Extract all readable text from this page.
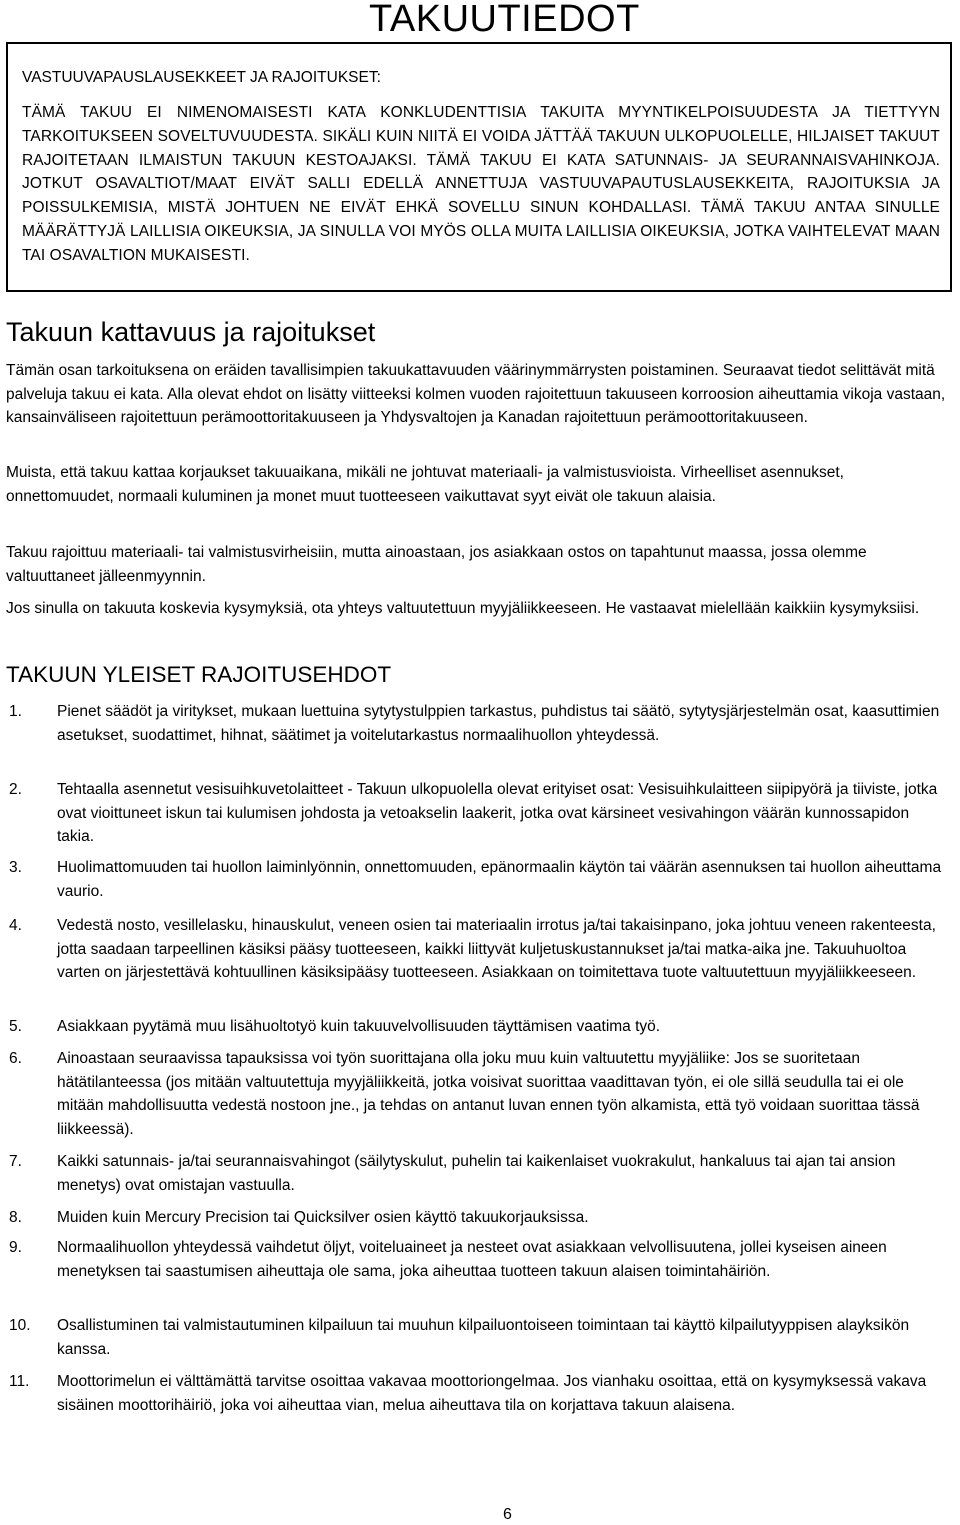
TAKUUTIEDOT
VASTUUVAPAUSLAUSEKKEET JA RAJOITUKSET:
TÄMÄ TAKUU EI NIMENOMAISESTI KATA KONKLUDENTTISIA TAKUITA MYYNTIKELPOISUUDESTA JA TIETTYYN TARKOITUKSEEN SOVELTUVUUDESTA. SIKÄLI KUIN NIITÄ EI VOIDA JÄTTÄÄ TAKUUN ULKOPUOLELLE, HILJAISET TAKUUT RAJOITETAAN ILMAISTUN TAKUUN KESTOAJAKSI. TÄMÄ TAKUU EI KATA SATUNNAIS- JA SEURANNAISVAHINKOJA. JOTKUT OSAVALTIOT/MAAT EIVÄT SALLI EDELLÄ ANNETTUJA VASTUUVAPAUTUSLAUSEKKEITA, RAJOITUKSIA JA POISSULKEMISIA, MISTÄ JOHTUEN NE EIVÄT EHKÄ SOVELLU SINUN KOHDALLASI. TÄMÄ TAKUU ANTAA SINULLE MÄÄRÄTTYJÄ LAILLISIA OIKEUKSIA, JA SINULLA VOI MYÖS OLLA MUITA LAILLISIA OIKEUKSIA, JOTKA VAIHTELEVAT MAAN TAI OSAVALTION MUKAISESTI.
Takuun kattavuus ja rajoitukset
Tämän osan tarkoituksena on eräiden tavallisimpien takuukattavuuden väärinymmärrysten poistaminen. Seuraavat tiedot selittävät mitä palveluja takuu ei kata. Alla olevat ehdot on lisätty viitteeksi kolmen vuoden rajoitettuun takuuseen korroosion aiheuttamia vikoja vastaan, kansainväliseen rajoitettuun perämoottoritakuuseen ja Yhdysvaltojen ja Kanadan rajoitettuun perämoottoritakuuseen.
Muista, että takuu kattaa korjaukset takuuaikana, mikäli ne johtuvat materiaali- ja valmistusvioista. Virheelliset asennukset, onnettomuudet, normaali kuluminen ja monet muut tuotteeseen vaikuttavat syyt eivät ole takuun alaisia.
Takuu rajoittuu materiaali- tai valmistusvirheisiin, mutta ainoastaan, jos asiakkaan ostos on tapahtunut maassa, jossa olemme valtuuttaneet jälleenmyynnin.
Jos sinulla on takuuta koskevia kysymyksiä, ota yhteys valtuutettuun myyjäliikkeeseen. He vastaavat mielellään kaikkiin kysymyksiisi.
TAKUUN YLEISET RAJOITUSEHDOT
1. Pienet säädöt ja viritykset, mukaan luettuina sytytystulppien tarkastus, puhdistus tai säätö, sytytysjärjestelmän osat, kaasuttimien asetukset, suodattimet, hihnat, säätimet ja voitelutarkastus normaalihuollon yhteydessä.
2. Tehtaalla asennetut vesisuihkuvetolaitteet - Takuun ulkopuolella olevat erityiset osat: Vesisuihkulaitteen siipipyörä ja tiiviste, jotka ovat vioittuneet iskun tai kulumisen johdosta ja vetoakselin laakerit, jotka ovat kärsineet vesivahingon väärän kunnossapidon takia.
3. Huolimattomuuden tai huollon laiminlyönnin, onnettomuuden, epänormaalin käytön tai väärän asennuksen tai huollon aiheuttama vaurio.
4. Vedestä nosto, vesillelasku, hinauskulut, veneen osien tai materiaalin irrotus ja/tai takaisinpano, joka johtuu veneen rakenteesta, jotta saadaan tarpeellinen käsiksi pääsy tuotteeseen, kaikki liittyvät kuljetuskustannukset ja/tai matka-aika jne. Takuuhuoltoa varten on järjestettävä kohtuullinen käsiksipääsy tuotteeseen. Asiakkaan on toimitettava tuote valtuutettuun myyjäliikkeeseen.
5. Asiakkaan pyytämä muu lisähuoltotyö kuin takuuvelvollisuuden täyttämisen vaatima työ.
6. Ainoastaan seuraavissa tapauksissa voi työn suorittajana olla joku muu kuin valtuutettu myyjäliike: Jos se suoritetaan hätätilanteessa (jos mitään valtuutettuja myyjäliikkeitä, jotka voisivat suorittaa vaadittavan työn, ei ole sillä seudulla tai ei ole mitään mahdollisuutta vedestä nostoon jne., ja tehdas on antanut luvan ennen työn alkamista, että työ voidaan suorittaa tässä liikkeessä).
7. Kaikki satunnais- ja/tai seurannaisvahingot (säilytyskulut, puhelin tai kaikenlaiset vuokrakulut, hankaluus tai ajan tai ansion menetys) ovat omistajan vastuulla.
8. Muiden kuin Mercury Precision tai Quicksilver osien käyttö takuukorjauksissa.
9. Normaalihuollon yhteydessä vaihdetut öljyt, voiteluaineet ja nesteet ovat asiakkaan velvollisuutena, jollei kyseisen aineen menetyksen tai saastumisen aiheuttaja ole sama, joka aiheuttaa tuotteen takuun alaisen toimintahäiriön.
10. Osallistuminen tai valmistautuminen kilpailuun tai muuhun kilpailuontoiseen toimintaan tai käyttö kilpailutyyppisen alayksikön kanssa.
11. Moottorimelun ei välttämättä tarvitse osoittaa vakavaa moottoriongelmaa. Jos vianhaku osoittaa, että on kysymyksessä vakava sisäinen moottorihäiriö, joka voi aiheuttaa vian, melua aiheuttava tila on korjattava takuun alaisena.
6
